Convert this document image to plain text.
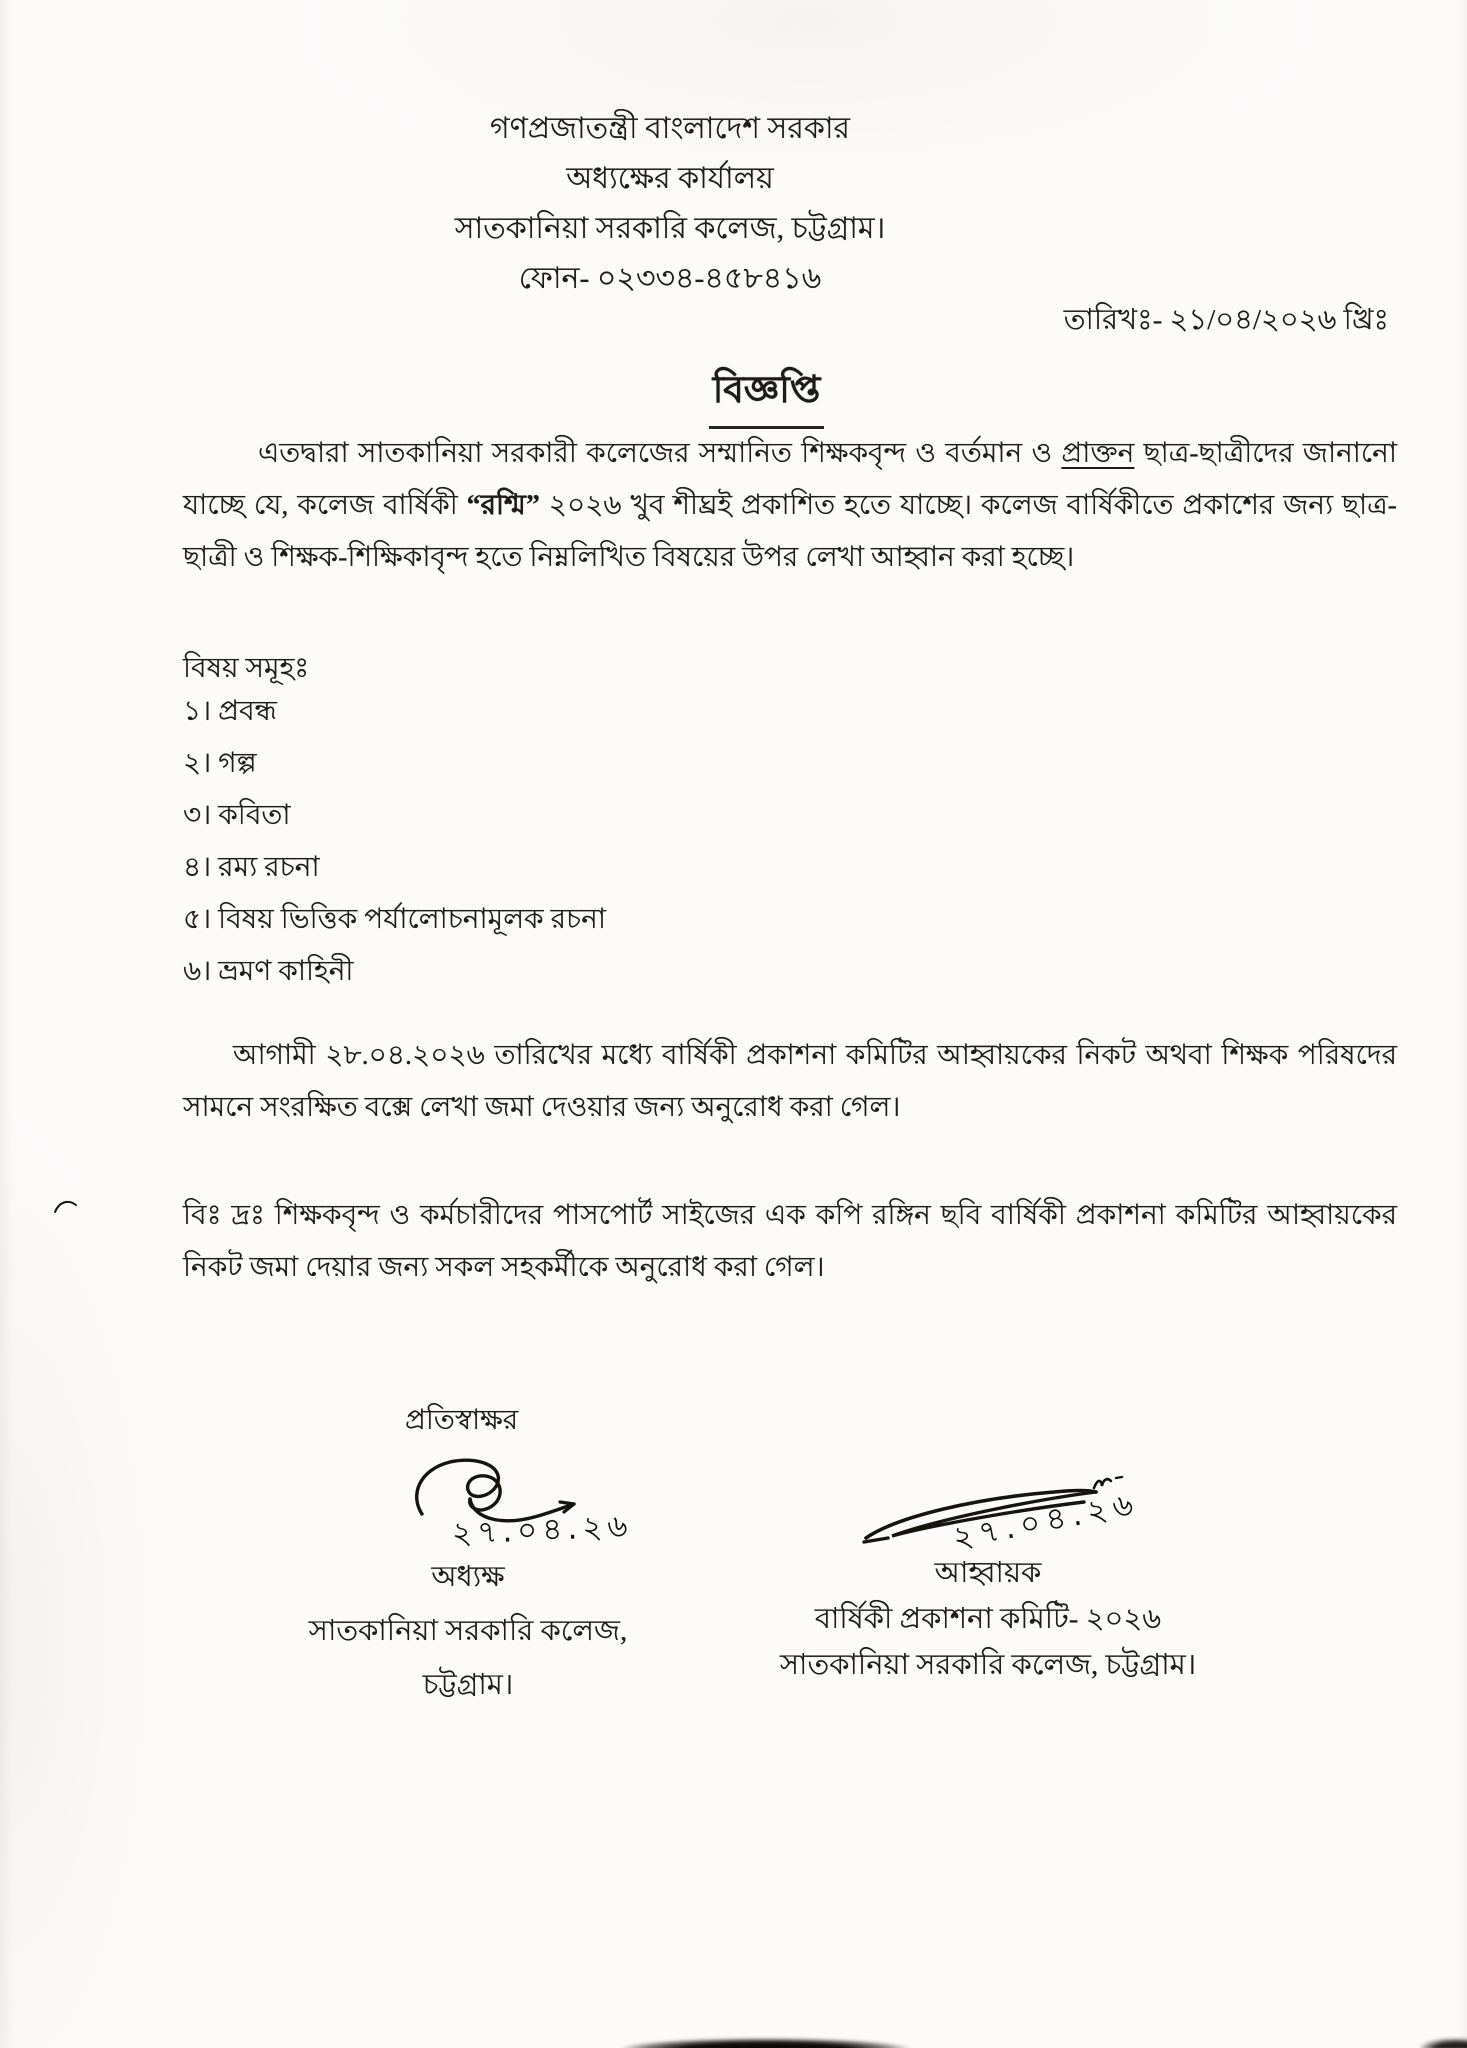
গণপ্রজাতন্ত্রী বাংলাদেশ সরকার
অধ্যক্ষের কার্যালয়
সাতকানিয়া সরকারি কলেজ, চট্টগ্রাম।
ফোন- ০২৩৩৪-৪৫৮৪১৬
তারিখঃ- ২১/০৪/২০২৬ খ্রিঃ
বিজ্ঞপ্তি

এতদ্বারা সাতকানিয়া সরকারী কলেজের সম্মানিত শিক্ষকবৃন্দ ও বর্তমান ও প্রাক্তন ছাত্র-ছাত্রীদের জানানো যাচ্ছে যে, কলেজ বার্ষিকী “রশ্মি” ২০২৬ খুব শীঘ্রই প্রকাশিত হতে যাচ্ছে। কলেজ বার্ষিকীতে প্রকাশের জন্য ছাত্র-ছাত্রী ও শিক্ষক-শিক্ষিকাবৃন্দ হতে নিম্নলিখিত বিষয়ের উপর লেখা আহ্বান করা হচ্ছে।

বিষয় সমূহঃ
১। প্রবন্ধ
২। গল্প
৩। কবিতা
৪। রম্য রচনা
৫। বিষয় ভিত্তিক পর্যালোচনামূলক রচনা
৬। ভ্রমণ কাহিনী

আগামী ২৮.০৪.২০২৬ তারিখের মধ্যে বার্ষিকী প্রকাশনা কমিটির আহ্বায়কের নিকট অথবা শিক্ষক পরিষদের সামনে সংরক্ষিত বক্সে লেখা জমা দেওয়ার জন্য অনুরোধ করা গেল।

বিঃ দ্রঃ শিক্ষকবৃন্দ ও কর্মচারীদের পাসপোর্ট সাইজের এক কপি রঙ্গিন ছবি বার্ষিকী প্রকাশনা কমিটির আহ্বায়কের নিকট জমা দেয়ার জন্য সকল সহকর্মীকে অনুরোধ করা গেল।

প্রতিস্বাক্ষর
২৭.০৪.২৬	২৭.০৪.২৬
অধ্যক্ষ
সাতকানিয়া সরকারি কলেজ,
চট্টগ্রাম।
আহ্বায়ক
বার্ষিকী প্রকাশনা কমিটি- ২০২৬
সাতকানিয়া সরকারি কলেজ, চট্টগ্রাম।
